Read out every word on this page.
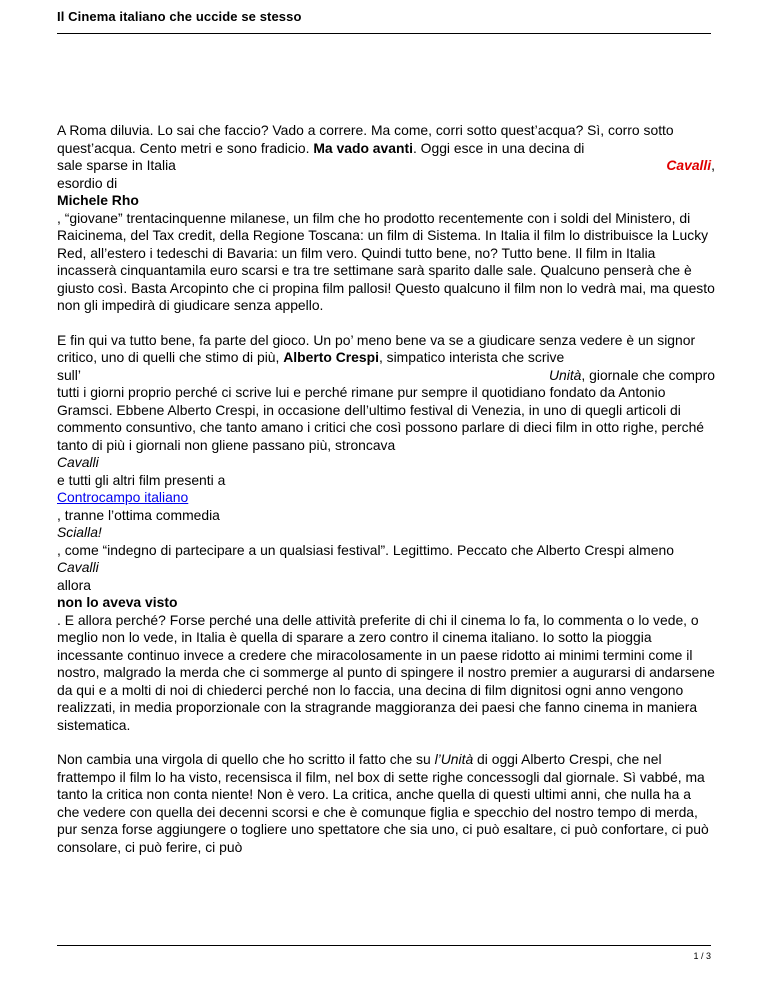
Il Cinema italiano che uccide se stesso

A Roma diluvia. Lo sai che faccio? Vado a correre. Ma come, corri sotto quest’acqua? Sì, corro sotto quest’acqua. Cento metri e sono fradicio. Ma vado avanti. Oggi esce in una decina di
sale sparse in Italia	Cavalli,

esordio di
Michele Rho
, “giovane” trentacinquenne milanese, un film che ho prodotto recentemente con i soldi del Ministero, di Raicinema, del Tax credit, della Regione Toscana: un film di Sistema. In Italia il film lo distribuisce la Lucky Red, all’estero i tedeschi di Bavaria: un film vero. Quindi tutto bene, no? Tutto bene. Il film in Italia incasserà cinquantamila euro scarsi e tra tre settimane sarà sparito dalle sale. Qualcuno penserà che è giusto così. Basta Arcopinto che ci propina film pallosi! Questo qualcuno il film non lo vedrà mai, ma questo non gli impedirà di giudicare senza appello.

E fin qui va tutto bene, fa parte del gioco. Un po’ meno bene va se a giudicare senza vedere è un signor critico, uno di quelli che stimo di più, Alberto Crespi, simpatico interista che scrive
sull’	Unità, giornale che compro

tutti i giorni proprio perché ci scrive lui e perché rimane pur sempre il quotidiano fondato da Antonio Gramsci. Ebbene Alberto Crespi, in occasione dell’ultimo festival di Venezia, in uno di quegli articoli di commento consuntivo, che tanto amano i critici che così possono parlare di dieci film in otto righe, perché tanto di più i giornali non gliene passano più, stroncava
Cavalli
e tutti gli altri film presenti a
Controcampo italiano
, tranne l’ottima commedia
Scialla!
, come “indegno di partecipare a un qualsiasi festival”. Legittimo. Peccato che Alberto Crespi almeno
Cavalli
allora
non lo aveva visto
. E allora perché? Forse perché una delle attività preferite di chi il cinema lo fa, lo commenta o lo vede, o meglio non lo vede, in Italia è quella di sparare a zero contro il cinema italiano. Io sotto la pioggia incessante continuo invece a credere che miracolosamente in un paese ridotto ai minimi termini come il nostro, malgrado la merda che ci sommerge al punto di spingere il nostro premier a augurarsi di andarsene da qui e a molti di noi di chiederci perché non lo faccia, una decina di film dignitosi ogni anno vengono realizzati, in media proporzionale con la stragrande maggioranza dei paesi che fanno cinema in maniera sistematica.

Non cambia una virgola di quello che ho scritto il fatto che su l’Unità di oggi Alberto Crespi, che nel frattempo il film lo ha visto, recensisca il film, nel box di sette righe concessogli dal giornale. Sì vabbé, ma tanto la critica non conta niente! Non è vero. La critica, anche quella di questi ultimi anni, che nulla ha a che vedere con quella dei decenni scorsi e che è comunque figlia e specchio del nostro tempo di merda, pur senza forse aggiungere o togliere uno spettatore che sia uno, ci può esaltare, ci può confortare, ci può consolare, ci può ferire, ci può

1 / 3
